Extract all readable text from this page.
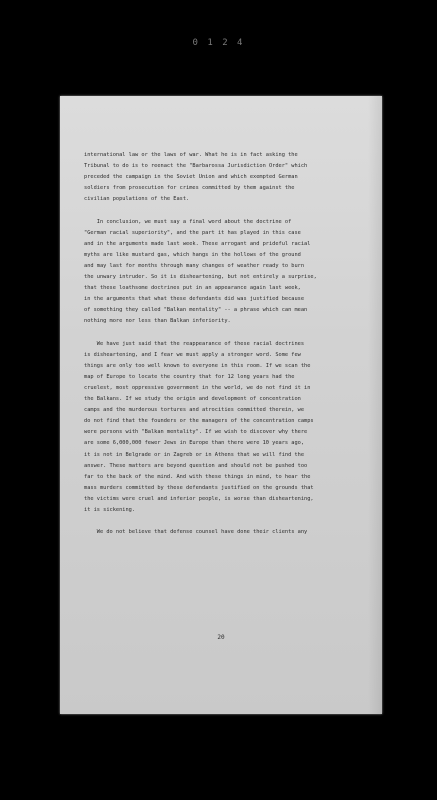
0 1 2 4
international law or the laws of war. What he is in fact asking the
Tribunal to do is to reenact the "Barbarossa Jurisdiction Order" which
preceded the campaign in the Soviet Union and which exempted German
soldiers from prosecution for crimes committed by them against the
civilian populations of the East.

In conclusion, we must say a final word about the doctrine of
"German racial superiority", and the part it has played in this case
and in the arguments made last week. These arrogant and prideful racial
myths are like mustard gas, which hangs in the hollows of the ground
and may last for months through many changes of weather ready to burn
the unwary intruder. So it is disheartening, but not entirely a surprise,
that these loathsome doctrines put in an appearance again last week,
in the arguments that what these defendants did was justified because
of something they called "Balkan mentality" -- a phrase which can mean
nothing more nor less than Balkan inferiority.

We have just said that the reappearance of these racial doctrines
is disheartening, and I fear we must apply a stronger word. Some few
things are only too well known to everyone in this room. If we scan the
map of Europe to locate the country that for 12 long years had the
cruelest, most oppressive government in the world, we do not find it in
the Balkans. If we study the origin and development of concentration
camps and the murderous tortures and atrocities committed therein, we
do not find that the founders or the managers of the concentration camps
were persons with "Balkan mentality". If we wish to discover why there
are some 6,000,000 fewer Jews in Europe than there were 10 years ago,
it is not in Belgrade or in Zagreb or in Athens that we will find the
answer. These matters are beyond question and should not be pushed too
far to the back of the mind. And with these things in mind, to hear the
mass murders committed by these defendants justified on the grounds that
the victims were cruel and inferior people, is worse than disheartening,
it is sickening.

We do not believe that defense counsel have done their clients any
20
